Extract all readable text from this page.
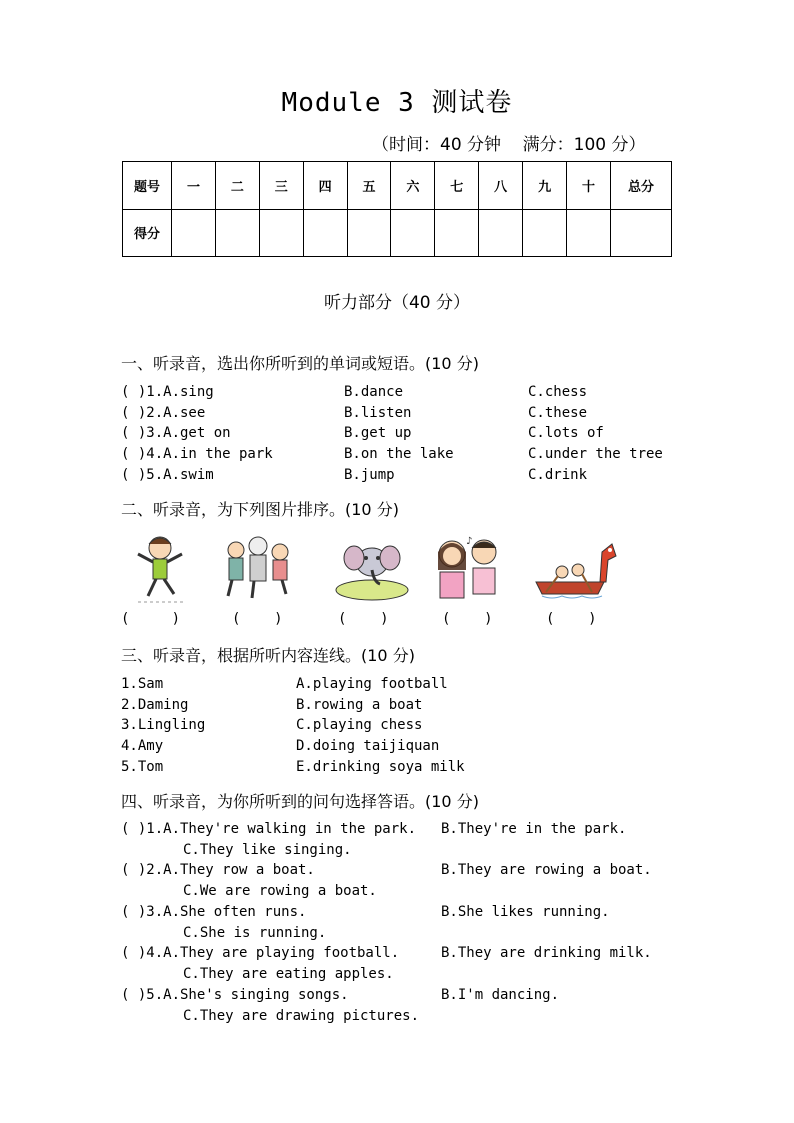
Module 3 测试卷
（时间：40 分钟    满分：100 分）
题号	一	二	三	四	五	六	七	八	九	十	总分
得分											
听力部分（40 分）
一、听录音，选出你所听到的单词或短语。(10 分)
( )1.A.sing	B.dance	C.chess
( )2.A.see	B.listen	C.these
( )3.A.get on	B.get up	C.lots of
( )4.A.in the park	B.on the lake	C.under the tree
( )5.A.swim	B.jump	C.drink
二、听录音，为下列图片排序。(10 分)
♪
(     )	(    )	(    )	(    )	(    )
三、听录音，根据所听内容连线。(10 分)
1.Sam	A.playing football
2.Daming	B.rowing a boat
3.Lingling	C.playing chess
4.Amy	D.doing taijiquan
5.Tom	E.drinking soya milk
四、听录音，为你所听到的问句选择答语。(10 分)
( )1.A.They're walking in the park. B.They're in the park.
C.They like singing.
( )2.A.They row a boat.	B.They are rowing a boat.
C.We are rowing a boat.
( )3.A.She often runs.	B.She likes running.
C.She is running.
( )4.A.They are playing football.	B.They are drinking milk.
C.They are eating apples.
( )5.A.She's singing songs.	B.I'm dancing.
C.They are drawing pictures.
